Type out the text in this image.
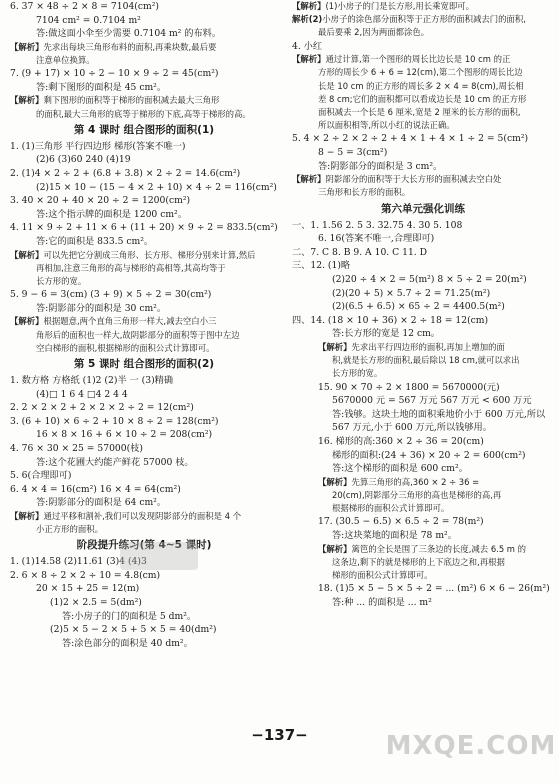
6. 37 × 48 ÷ 2 × 8 = 7104(cm²)
7104 cm² = 0.7104 m²
答:做这面小伞至少需要 0.7104 m² 的布料。
【解析】先求出每块三角形布料的面积,再乘块数,最后要
注意单位换算。
7. (9 + 17) × 10 ÷ 2 − 10 × 9 ÷ 2 = 45(cm²)
答:剩下图形的面积是 45 cm²。
【解析】剩下图形的面积等于梯形的面积减去最大三角形
的面积,最大三角形的底等于梯形的下底,高等于梯形的高。
第 4 课时 组合图形的面积(1)
1. (1)三角形 平行四边形 梯形(答案不唯一)
(2)6 (3)60 240 (4)19
2. (1)4 × 2 ÷ 2 + (6.8 + 3.8) × 2 ÷ 2 = 14.6(cm²)
(2)15 × 10 − (15 − 4 × 2 + 10) × 4 ÷ 2 = 116(cm²)
3. 40 × 20 + 40 × 20 ÷ 2 = 1200(cm²)
答:这个指示牌的面积是 1200 cm²。
4. 11 × 9 ÷ 2 + 11 × 6 + (11 + 20) × 9 ÷ 2 = 833.5(cm²)
答:它的面积是 833.5 cm²。
【解析】可以先把它分割成三角形、长方形、梯形分别来计算,然后
再相加,注意三角形的高与梯形的高相等,其高均等于
长方形的宽。
5. 9 − 6 = 3(cm) (3 + 9) × 5 ÷ 2 = 30(cm²)
答:阴影部分的面积是 30 cm²。
【解析】根据题意,两个直角三角形一样大,减去空白小三
角形后的面积也一样大,故阴影部分的面积等于图中左边
空白梯形的面积,根据梯形的面积公式计算即可。
第 5 课时 组合图形的面积(2)
1. 数方格 方格纸 (1)2 (2)半 一 (3)精确
(4)□ 1 6 4 □4 2 4 4
2. 2 × 2 × 2 + 2 × 2 × 2 ÷ 2 = 12(cm²)
3. (6 + 10) × 6 ÷ 2 + 10 × 8 ÷ 2 = 128(cm²)
16 × 8 × 16 + 6 × 10 ÷ 2 = 208(cm²)
4. 76 × 30 × 25 = 57000(枝)
答:这个花圃大约能产鲜花 57000 枝。
5. 6(合理即可)
6. 4 × 4 = 16(cm²) 16 × 4 = 64(cm²)
答:阴影部分的面积是 64 cm²。
【解析】通过平移和割补,我们可以发现阴影部分的面积是 4 个
小正方形的面积。
阶段提升练习(第 4~5 课时)
1. (1)14.58 (2)11.61 (3)4 (4)3
2. 6 × 8 ÷ 2 × 2 ÷ 10 = 4.8(cm)
20 × 15 + 25 = 12(m)
(1)2 × 2.5 = 5(dm²)
答:小房子的门的面积是 5 dm²。
(2)5 × 5 − 2 × 5 + 5 × 5 = 40(dm²)
答:涂色部分的面积是 40 dm²。
【解析】(1)小房子的门是长方形,用长乘宽即可。
解析(2)小房子的涂色部分面积等于正方形的面积减去门的面积,
最后要乘 2,因为两面都涂色。
4. 小红
【解析】通过计算,第一个图形的周长比边长是 10 cm 的正
方形的周长少 6 + 6 = 12(cm),第二个图形的周长比边
长是 10 cm 的正方形的周长多 2 × 4 = 8(cm),周长相
差 8 cm;它们的面积都可以看成边长是 10 cm 的正方形
面积减去一个长是 6 厘米,宽是 2 厘米的长方形的面积,
所以面积相等,所以小红的说法正确。
5. 4 × 2 ÷ 2 × 2 ÷ 2 + 4 × 1 + 4 × 1 ÷ 2 = 5(cm²)
8 − 5 = 3(cm²)
答:阴影部分的面积是 3 cm²。
【解析】阴影部分的面积等于大长方形的面积减去空白处
三角形和长方形的面积。
第六单元强化训练
一、1. 1.56 2. 5 3. 32.75 4. 30 5. 108
6. 16(答案不唯一,合理即可)
二、7. C 8. B 9. A 10. C 11. D
三、12. (1)略
(2)20 ÷ 4 × 2 = 5(m²) 8 × 5 ÷ 2 = 20(m²)
(2)(20 + 5) × 5.7 ÷ 2 = 71.25(m²)
(2)(6.5 + 6.5) × 65 ÷ 2 = 4400.5(m²)
四、14. (18 × 10 + 36) × 2 ÷ 18 = 12(cm)
答:长方形的宽是 12 cm。
【解析】先求出平行四边形的面积,再加上增加的面
积,就是长方形的面积,最后除以 18 cm,就可以求出
长方形的宽。
15. 90 × 70 ÷ 2 × 1800 = 5670000(元)
5670000 元 = 567 万元 567 万元 < 600 万元
答:钱够。这块土地的面积乘地价小于 600 万元,所以
567 万元,小于 600 万元,所以钱够用。
16. 梯形的高:360 × 2 ÷ 36 = 20(cm)
梯形的面积:(24 + 36) × 20 ÷ 2 = 600(cm²)
答:这个梯形的面积是 600 cm²。
【解析】先算三角形的高,360 × 2 ÷ 36 =
20(cm),阴影部分三角形的高也是梯形的高,再
根据梯形的面积公式计算即可。
17. (30.5 − 6.5) × 6.5 ÷ 2 = 78(m²)
答:这块菜地的面积是 78 m²。
【解析】篱笆的全长是围了三条边的长度,减去 6.5 m 的
这条边,剩下的就是梯形的上下底边之和,再根据
梯形的面积公式计算即可。
18. (1)5 × 5 − 5 × 5 ÷ 2 = ... (m²) 6 × 6 − 26(m²)
答:种 ... 的面积是 ... m²
−137−	MXQE.COM
